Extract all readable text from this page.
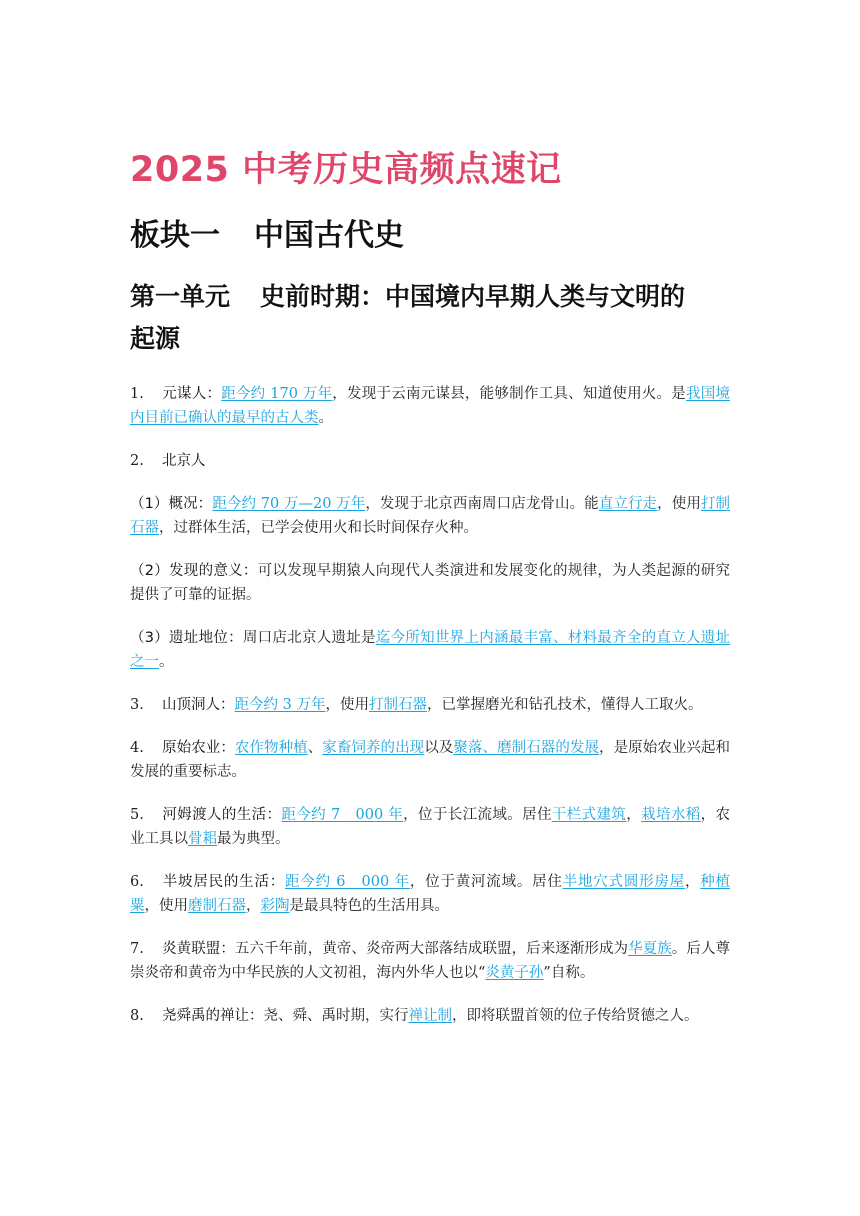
2025 中考历史高频点速记
板块一 中国古代史
第一单元 史前时期：中国境内早期人类与文明的
起源

1. 元谋人：距今约 170 万年，发现于云南元谋县，能够制作工具、知道使用火。是我国境内目前已确认的最早的古人类。

2. 北京人

（1）概况：距今约 70 万—20 万年，发现于北京西南周口店龙骨山。能直立行走，使用打制石器，过群体生活，已学会使用火和长时间保存火种。

（2）发现的意义：可以发现早期猿人向现代人类演进和发展变化的规律，为人类起源的研究提供了可靠的证据。

（3）遗址地位：周口店北京人遗址是迄今所知世界上内涵最丰富、材料最齐全的直立人遗址之一。

3. 山顶洞人：距今约 3 万年，使用打制石器，已掌握磨光和钻孔技术，懂得人工取火。

4. 原始农业：农作物种植、家畜饲养的出现以及聚落、磨制石器的发展，是原始农业兴起和发展的重要标志。

5. 河姆渡人的生活：距今约 7　000 年，位于长江流域。居住干栏式建筑，栽培水稻，农业工具以骨耜最为典型。

6. 半坡居民的生活：距今约 6　000 年，位于黄河流域。居住半地穴式圆形房屋，种植粟，使用磨制石器，彩陶是最具特色的生活用具。

7. 炎黄联盟：五六千年前，黄帝、炎帝两大部落结成联盟，后来逐渐形成为华夏族。后人尊崇炎帝和黄帝为中华民族的人文初祖，海内外华人也以“炎黄子孙”自称。

8. 尧舜禹的禅让：尧、舜、禹时期，实行禅让制，即将联盟首领的位子传给贤德之人。
